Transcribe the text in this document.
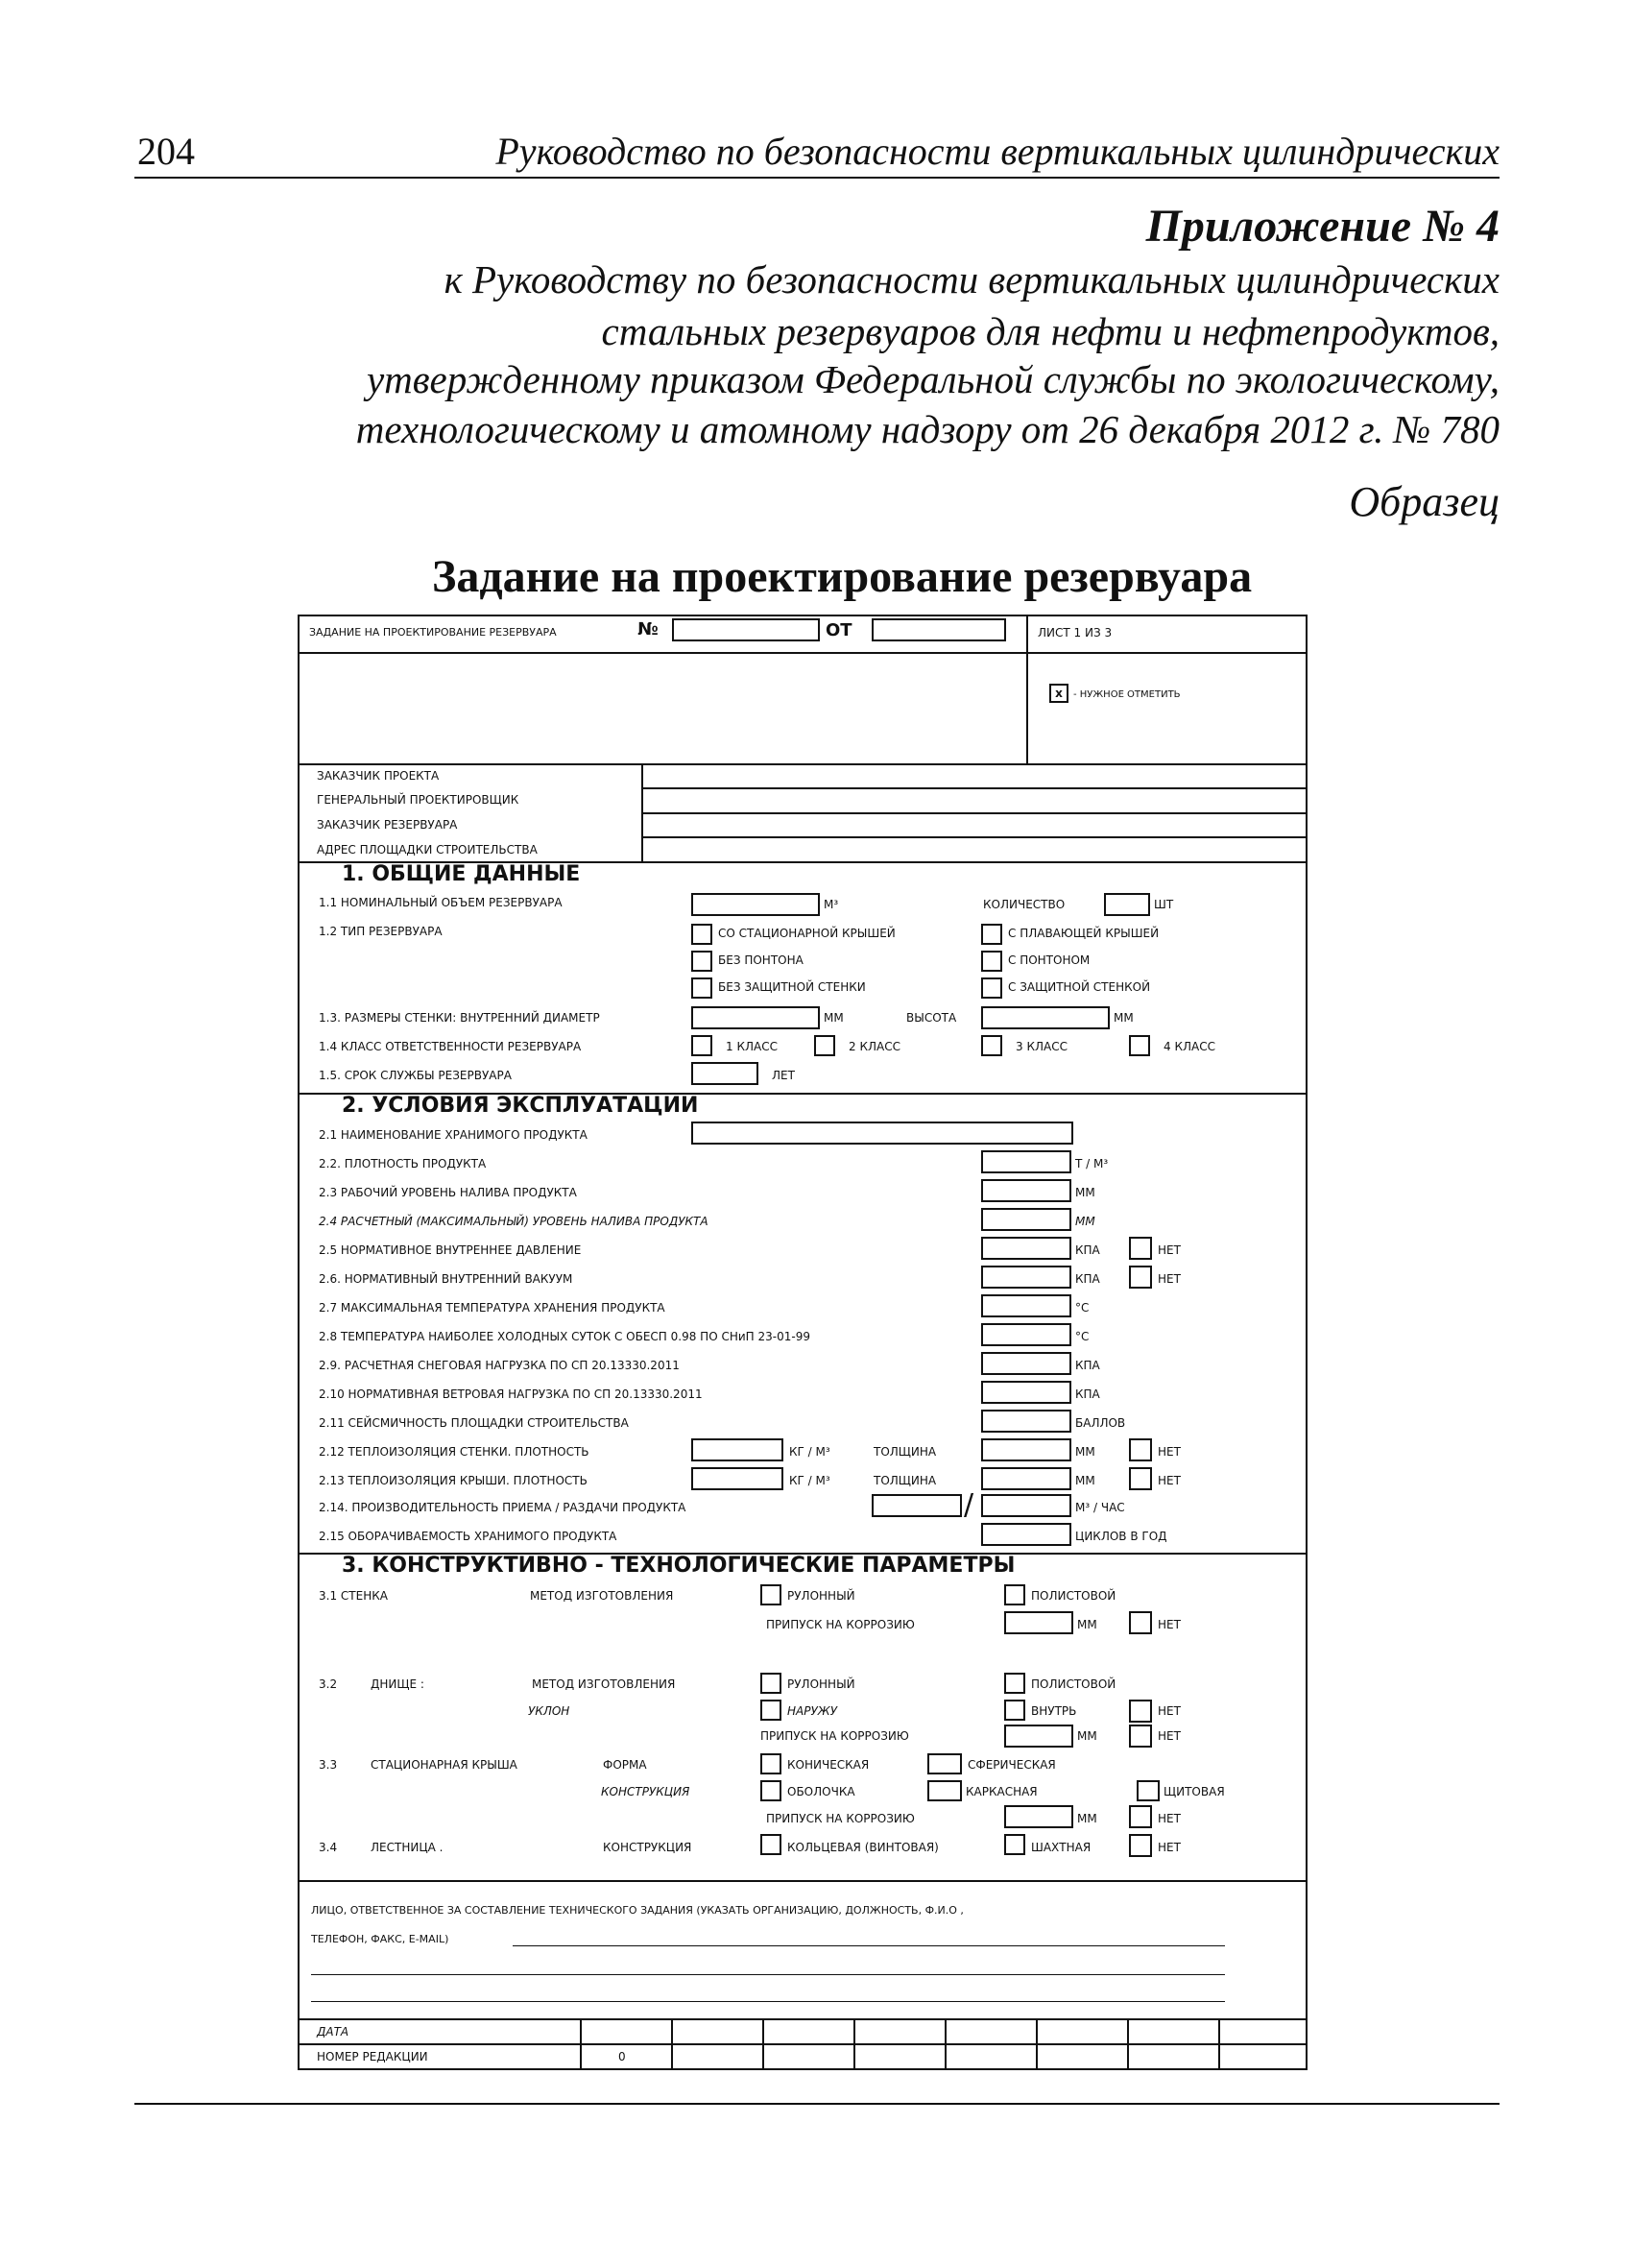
204	Руководство по безопасности вертикальных цилиндрических
Приложение № 4
к Руководству по безопасности вертикальных цилиндрических
стальных резервуаров для нефти и нефтепродуктов,
утвержденному приказом Федеральной службы по экологическому,
технологическому и атомному надзору от 26 декабря 2012 г. № 780
Образец
Задание на проектирование резервуара
ЗАДАНИЕ НА ПРОЕКТИРОВАНИЕ РЕЗЕРВУАРА	№	ОТ	ЛИСТ 1 ИЗ 3
x	- НУЖНОЕ ОТМЕТИТЬ
ЗАКАЗЧИК ПРОЕКТА
ГЕНЕРАЛЬНЫЙ ПРОЕКТИРОВЩИК
ЗАКАЗЧИК РЕЗЕРВУАРА
АДРЕС ПЛОЩАДКИ СТРОИТЕЛЬСТВА
1. ОБЩИЕ ДАННЫЕ
1.1 НОМИНАЛЬНЫЙ ОБЪЕМ РЕЗЕРВУАРА	М³	КОЛИЧЕСТВО	ШТ
1.2 ТИП РЕЗЕРВУАРА	СО СТАЦИОНАРНОЙ КРЫШЕЙ	С ПЛАВАЮЩЕЙ КРЫШЕЙ
БЕЗ ПОНТОНА	С ПОНТОНОМ
БЕЗ ЗАЩИТНОЙ СТЕНКИ	С ЗАЩИТНОЙ СТЕНКОЙ
1.3. РАЗМЕРЫ СТЕНКИ: ВНУТРЕННИЙ ДИАМЕТР	ММ	ВЫСОТА	ММ
1.4 КЛАСС ОТВЕТСТВЕННОСТИ РЕЗЕРВУАРА	1 КЛАСС	2 КЛАСС	3 КЛАСС	4 КЛАСС
1.5. СРОК СЛУЖБЫ РЕЗЕРВУАРА	ЛЕТ
2. УСЛОВИЯ ЭКСПЛУАТАЦИИ
2.1 НАИМЕНОВАНИЕ ХРАНИМОГО ПРОДУКТА
2.2. ПЛОТНОСТЬ ПРОДУКТА	Т / М³
2.3 РАБОЧИЙ УРОВЕНЬ НАЛИВА ПРОДУКТА	ММ
2.4 РАСЧЕТНЫЙ (МАКСИМАЛЬНЫЙ) УРОВЕНЬ НАЛИВА ПРОДУКТА	ММ
2.5 НОРМАТИВНОЕ ВНУТРЕННЕЕ ДАВЛЕНИЕ	КПА	НЕТ
2.6. НОРМАТИВНЫЙ ВНУТРЕННИЙ ВАКУУМ	КПА	НЕТ
2.7 МАКСИМАЛЬНАЯ ТЕМПЕРАТУРА ХРАНЕНИЯ ПРОДУКТА	°С
2.8 ТЕМПЕРАТУРА НАИБОЛЕЕ ХОЛОДНЫХ СУТОК С ОБЕСП 0.98 ПО СНиП 23-01-99	°С
2.9. РАСЧЕТНАЯ СНЕГОВАЯ НАГРУЗКА ПО СП 20.13330.2011	КПА
2.10 НОРМАТИВНАЯ ВЕТРОВАЯ НАГРУЗКА ПО СП 20.13330.2011	КПА
2.11 СЕЙСМИЧНОСТЬ ПЛОЩАДКИ СТРОИТЕЛЬСТВА	БАЛЛОВ
2.12 ТЕПЛОИЗОЛЯЦИЯ СТЕНКИ. ПЛОТНОСТЬ	КГ / М³	ТОЛЩИНА	ММ	НЕТ
2.13 ТЕПЛОИЗОЛЯЦИЯ КРЫШИ. ПЛОТНОСТЬ	КГ / М³	ТОЛЩИНА	ММ	НЕТ
2.14. ПРОИЗВОДИТЕЛЬНОСТЬ ПРИЕМА / РАЗДАЧИ ПРОДУКТА	/	М³ / ЧАС
2.15 ОБОРАЧИВАЕМОСТЬ ХРАНИМОГО ПРОДУКТА	ЦИКЛОВ В ГОД
3. КОНСТРУКТИВНО - ТЕХНОЛОГИЧЕСКИЕ ПАРАМЕТРЫ
3.1 СТЕНКА	МЕТОД ИЗГОТОВЛЕНИЯ	РУЛОННЫЙ	ПОЛИСТОВОЙ
ПРИПУСК НА КОРРОЗИЮ	ММ	НЕТ
3.2	ДНИЩЕ :	МЕТОД ИЗГОТОВЛЕНИЯ	РУЛОННЫЙ	ПОЛИСТОВОЙ
УКЛОН	НАРУЖУ	ВНУТРЬ	НЕТ
ПРИПУСК НА КОРРОЗИЮ	ММ	НЕТ
3.3	СТАЦИОНАРНАЯ КРЫША	ФОРМА	КОНИЧЕСКАЯ	СФЕРИЧЕСКАЯ
КОНСТРУКЦИЯ	ОБОЛОЧКА	КАРКАСНАЯ	ЩИТОВАЯ
ПРИПУСК НА КОРРОЗИЮ	ММ	НЕТ
3.4	ЛЕСТНИЦА .	КОНСТРУКЦИЯ	КОЛЬЦЕВАЯ (ВИНТОВАЯ)	ШАХТНАЯ	НЕТ
ЛИЦО, ОТВЕТСТВЕННОЕ ЗА СОСТАВЛЕНИЕ ТЕХНИЧЕСКОГО ЗАДАНИЯ (УКАЗАТЬ ОРГАНИЗАЦИЮ, ДОЛЖНОСТЬ, Ф.И.О ,
ТЕЛЕФОН, ФАКС, E-MAIL)
ДАТА
НОМЕР РЕДАКЦИИ	0
